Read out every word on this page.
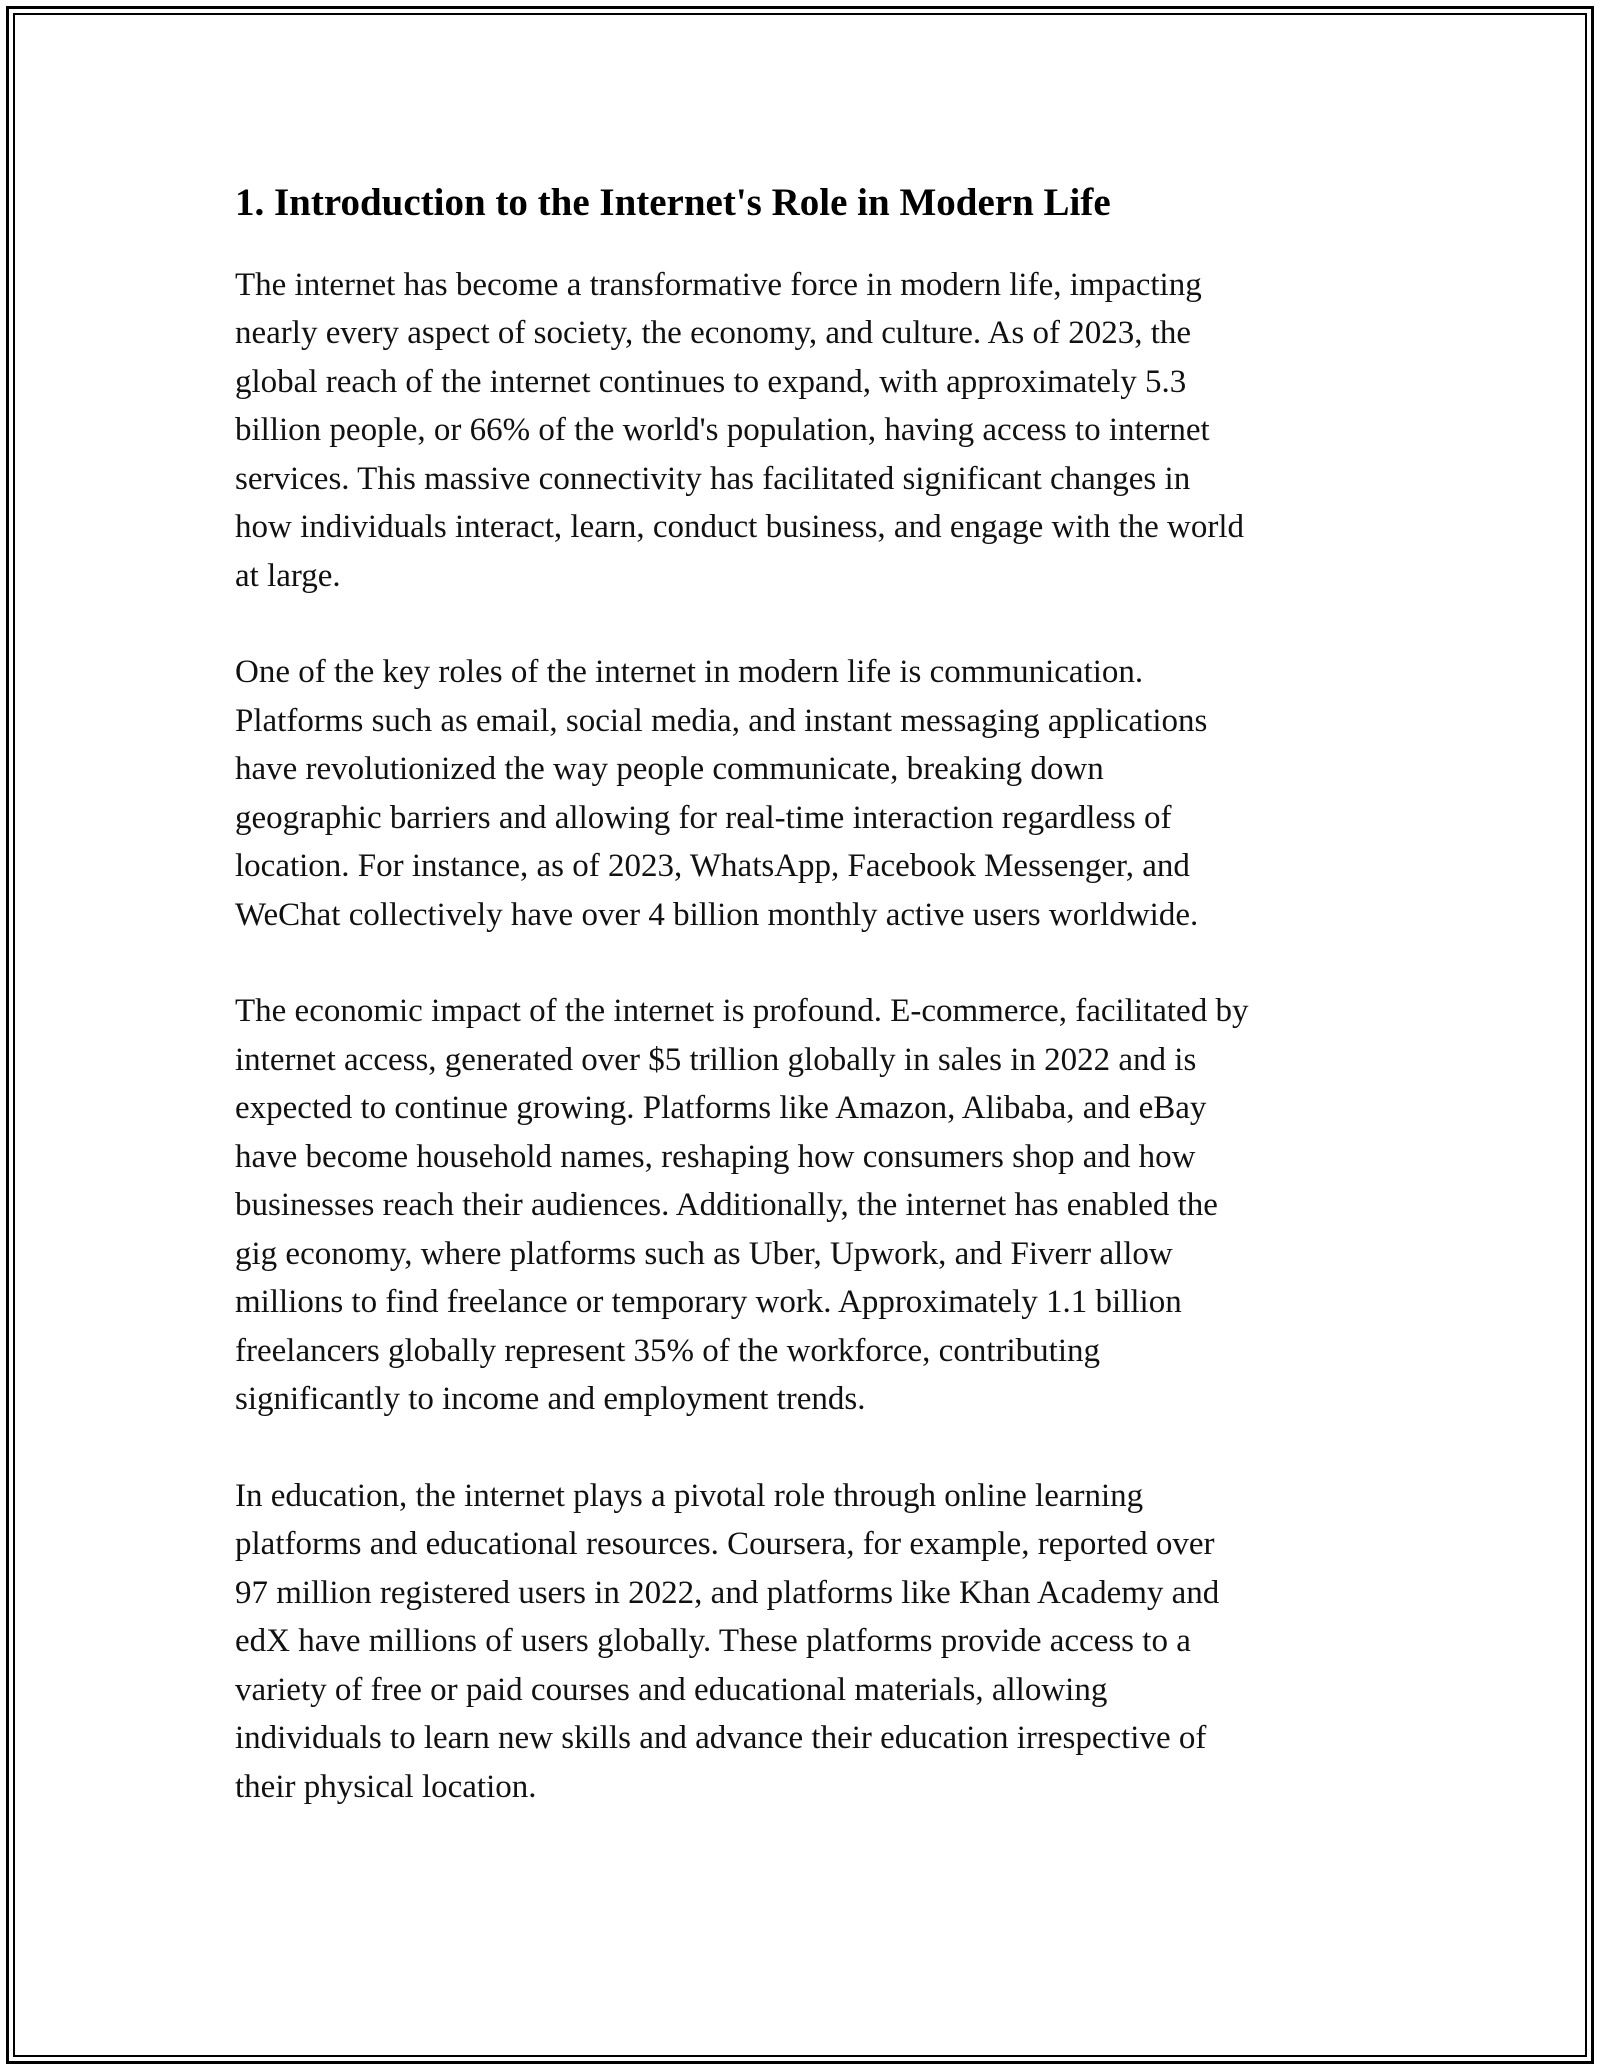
1. Introduction to the Internet's Role in Modern Life

The internet has become a transformative force in modern life, impacting
nearly every aspect of society, the economy, and culture. As of 2023, the
global reach of the internet continues to expand, with approximately 5.3
billion people, or 66% of the world's population, having access to internet
services. This massive connectivity has facilitated significant changes in
how individuals interact, learn, conduct business, and engage with the world
at large.

One of the key roles of the internet in modern life is communication.
Platforms such as email, social media, and instant messaging applications
have revolutionized the way people communicate, breaking down
geographic barriers and allowing for real-time interaction regardless of
location. For instance, as of 2023, WhatsApp, Facebook Messenger, and
WeChat collectively have over 4 billion monthly active users worldwide.

The economic impact of the internet is profound. E-commerce, facilitated by
internet access, generated over $5 trillion globally in sales in 2022 and is
expected to continue growing. Platforms like Amazon, Alibaba, and eBay
have become household names, reshaping how consumers shop and how
businesses reach their audiences. Additionally, the internet has enabled the
gig economy, where platforms such as Uber, Upwork, and Fiverr allow
millions to find freelance or temporary work. Approximately 1.1 billion
freelancers globally represent 35% of the workforce, contributing
significantly to income and employment trends.

In education, the internet plays a pivotal role through online learning
platforms and educational resources. Coursera, for example, reported over
97 million registered users in 2022, and platforms like Khan Academy and
edX have millions of users globally. These platforms provide access to a
variety of free or paid courses and educational materials, allowing
individuals to learn new skills and advance their education irrespective of
their physical location.
